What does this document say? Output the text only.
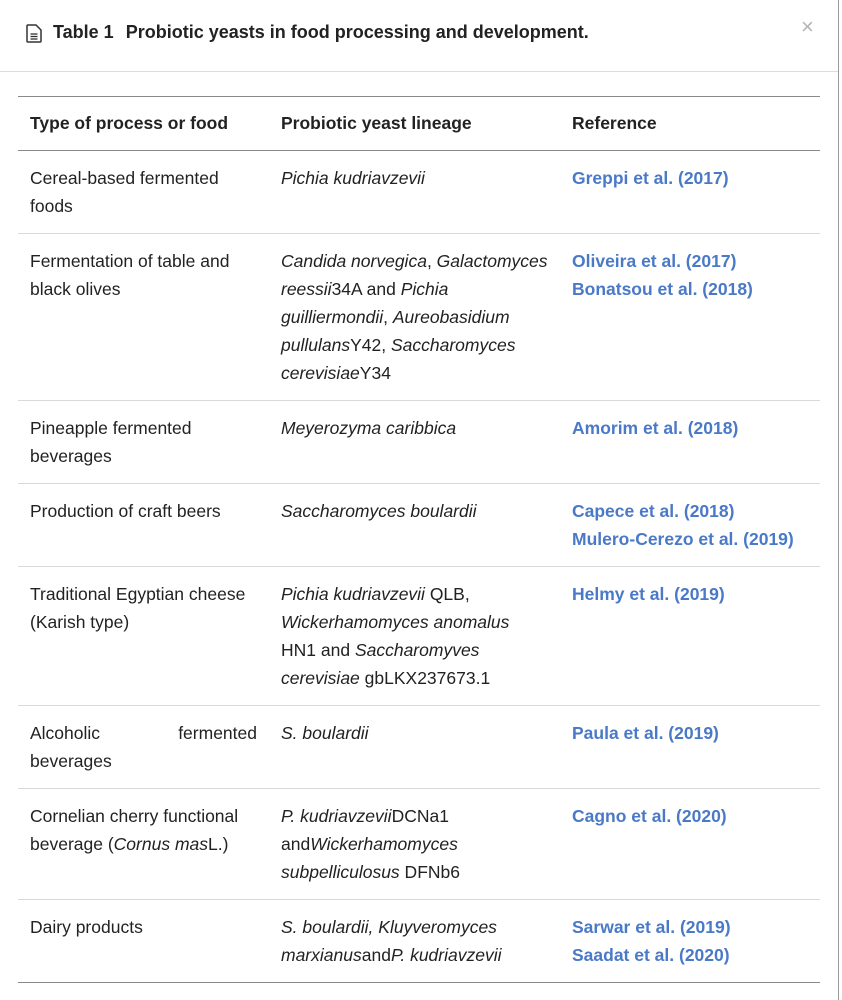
Table 1 Probiotic yeasts in food processing and development.	×
Type of process or food	Probiotic yeast lineage	Reference
Cereal-based fermented foods	Pichia kudriavzevii	Greppi et al. (2017)

Fermentation of table and black olives	Candida norvegica, Galactomyces reessii34A and Pichia guilliermondii, Aureobasidium pullulansY42, Saccharomyces cerevisiaeY34	Oliveira et al. (2017)
Bonatsou et al. (2018)

Pineapple fermented beverages	Meyerozyma caribbica	Amorim et al. (2018)

Production of craft beers	Saccharomyces boulardii	Capece et al. (2018)
Mulero-Cerezo et al. (2019)

Traditional Egyptian cheese (Karish type)	Pichia kudriavzevii QLB, Wickerhamomyces anomalus HN1 and Saccharomyves cerevisiae gbLKX237673.1	Helmy et al. (2019)

Alcoholic fermented beverages	S. boulardii	Paula et al. (2019)

Cornelian cherry functional beverage (Cornus masL.)	P. kudriavzeviiDCNa1 andWickerhamomyces subpelliculosus DFNb6	Cagno et al. (2020)

Dairy products	S. boulardii, Kluyveromyces marxianusandP. kudriavzevii	Sarwar et al. (2019)
Saadat et al. (2020)
